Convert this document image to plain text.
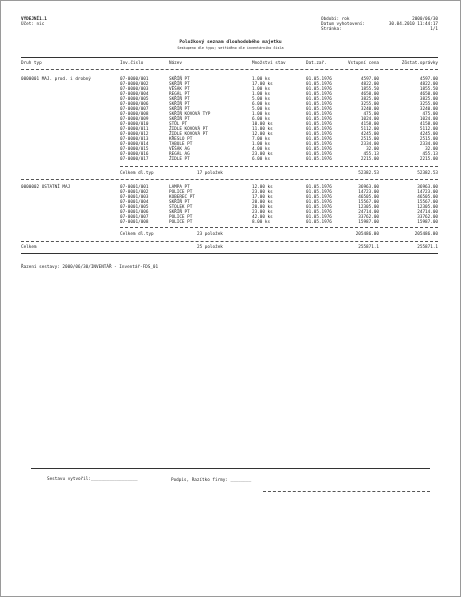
VÝDEJNÍ1.1
Účet: nic
Období: rok
Datum vyhotovení:
Stránka:
2000/06/30
30.04.2010 11:44:17
1/1
Položkový seznam dlouhodobého majetku
Seskupeno dle typu; setříděno dle inventárního čísla
Druh typ	Inv.číslo	Název	Množství stav	Dat.zař.	Vstupní cena	Zůstat.oprávky
0000001 MAJ. prod. i drobný	07-0000/001	SKŘÍŇ PT	1.00 ks	01.05.1976	4597.00	4597.00
07-0000/002	SKŘÍŇ PT	17.00 ks	01.05.1976	4822.00	4822.00
07-0000/003	VĚŠÁK PT	1.00 ks	01.05.1976	1855.50	1855.50
07-0000/004	REGÁL PT	1.00 ks	01.05.1976	4650.00	4650.00
07-0000/005	SKŘÍŇ PT	5.00 ks	01.05.1976	3825.00	3825.00
07-0000/006	SKŘÍŇ PT	6.00 ks	01.05.1976	3255.00	3255.00
07-0000/007	SKŘÍŇ PT	5.00 ks	01.05.1976	3240.00	3240.00
07-0000/008	SKŘÍŇ KOVOVÁ TYP	1.00 ks	01.05.1976	475.00	475.00
07-0000/009	SKŘÍŇ PT	6.00 ks	01.05.1976	1024.00	1024.00
07-0000/010	STŮL PT	10.00 ks	01.05.1976	4158.00	4158.00
07-0000/011	ŽIDLE KOVOVÁ PT	11.00 ks	01.05.1976	5112.00	5112.00
07-0000/012	ŽIDLE KOVOVÁ PT	12.00 ks	01.05.1976	4245.00	4245.00
07-0000/013	KŘESLO PT	7.00 ks	01.05.1976	2515.00	2515.00
07-0000/014	TABULE PT	1.00 ks	01.05.1976	2334.00	2334.00
07-0000/015	VĚŠÁK AG	4.00 ks	01.05.1976	32.00	32.00
07-0000/016	REGÁL AG	23.00 ks	01.05.1976	455.13	455.13
07-0000/017	ŽIDLE PT	6.00 ks	01.05.1976	2215.00	2215.00
Celkem dl.typ	17 položek	52382.53	52382.53
0000002 OSTATNÍ MAJ	07-0001/001	LAMPA PT	12.00 ks	01.05.1976	36963.00	36963.00
07-0001/002	POLICE PT	23.00 ks	01.05.1976	14723.00	14723.00
07-0001/003	KOBEREC PT	17.00 ks	01.05.1976	46505.00	46505.00
07-0001/004	SKŘÍŇ PT	20.00 ks	01.05.1976	15567.00	15567.00
07-0001/005	STOLEK PT	20.00 ks	01.05.1976	12305.00	12305.00
07-0001/006	SKŘÍŇ PT	23.00 ks	01.05.1976	24714.00	24714.00
07-0001/007	POLICE PT	42.00 ks	01.05.1976	33762.00	33762.00
07-0001/008	POLICE PT	8.00 ks	01.05.1976	15987.00	15987.00
Celkem dl.typ	23 položek	205486.00	205486.00
Celkem	25 položek	255871.1	255871.1
Řazení sestavy: 2000/06/30/INVENTÁŘ - Inventář-FDS_01
Sestavu vytvořil:__________________	Podpis, Razítko firmy: ________
